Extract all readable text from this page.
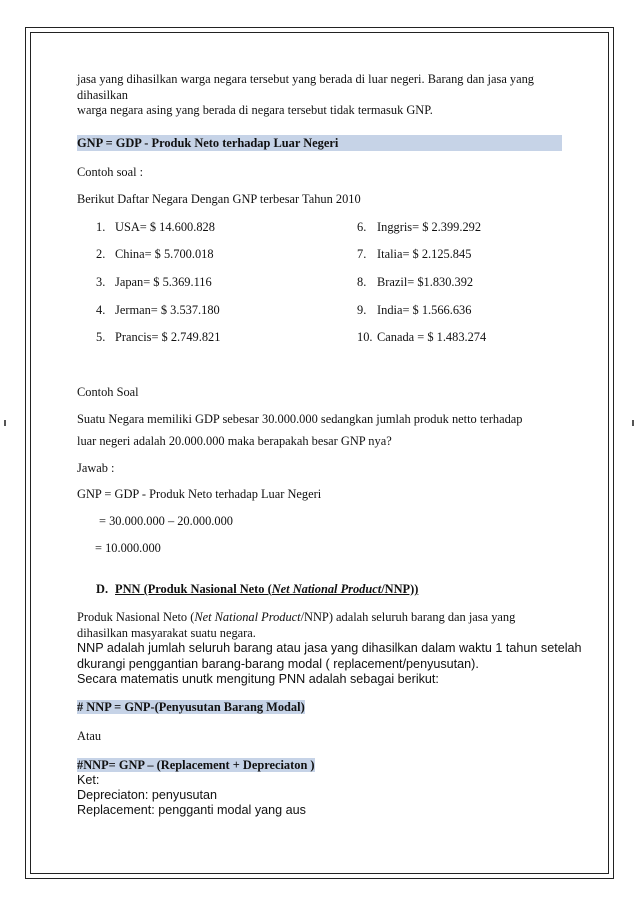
jasa yang dihasilkan warga negara tersebut yang berada di luar negeri. Barang dan jasa yang
dihasilkan
warga negara asing yang berada di negara tersebut tidak termasuk GNP.
GNP = GDP - Produk Neto terhadap Luar Negeri
Contoh soal :
Berikut Daftar Negara Dengan GNP terbesar Tahun 2010
1. USA= $ 14.600.828
2. China= $ 5.700.018
3. Japan= $ 5.369.116
4. Jerman= $ 3.537.180
5. Prancis= $ 2.749.821
6. Inggris= $ 2.399.292
7. Italia= $ 2.125.845
8. Brazil= $1.830.392
9. India= $ 1.566.636
10. Canada = $ 1.483.274
Contoh Soal
Suatu Negara memiliki GDP sebesar 30.000.000 sedangkan jumlah produk netto terhadap
luar negeri adalah 20.000.000 maka berapakah besar GNP nya?
Jawab :
GNP = GDP - Produk Neto terhadap Luar Negeri
= 30.000.000 – 20.000.000
= 10.000.000
D. PNN (Produk Nasional Neto (Net National Product/NNP))
Produk Nasional Neto (Net National Product/NNP) adalah seluruh barang dan jasa yang
dihasilkan masyarakat suatu negara.
NNP adalah jumlah seluruh barang atau jasa yang dihasilkan dalam waktu 1 tahun setelah
dkurangi penggantian barang-barang modal ( replacement/penyusutan).
Secara matematis unutk mengitung PNN adalah sebagai berikut:
# NNP = GNP-(Penyusutan Barang Modal)
Atau
#NNP= GNP – (Replacement + Depreciaton )
Ket:
Depreciaton: penyusutan
Replacement: pengganti modal yang aus
